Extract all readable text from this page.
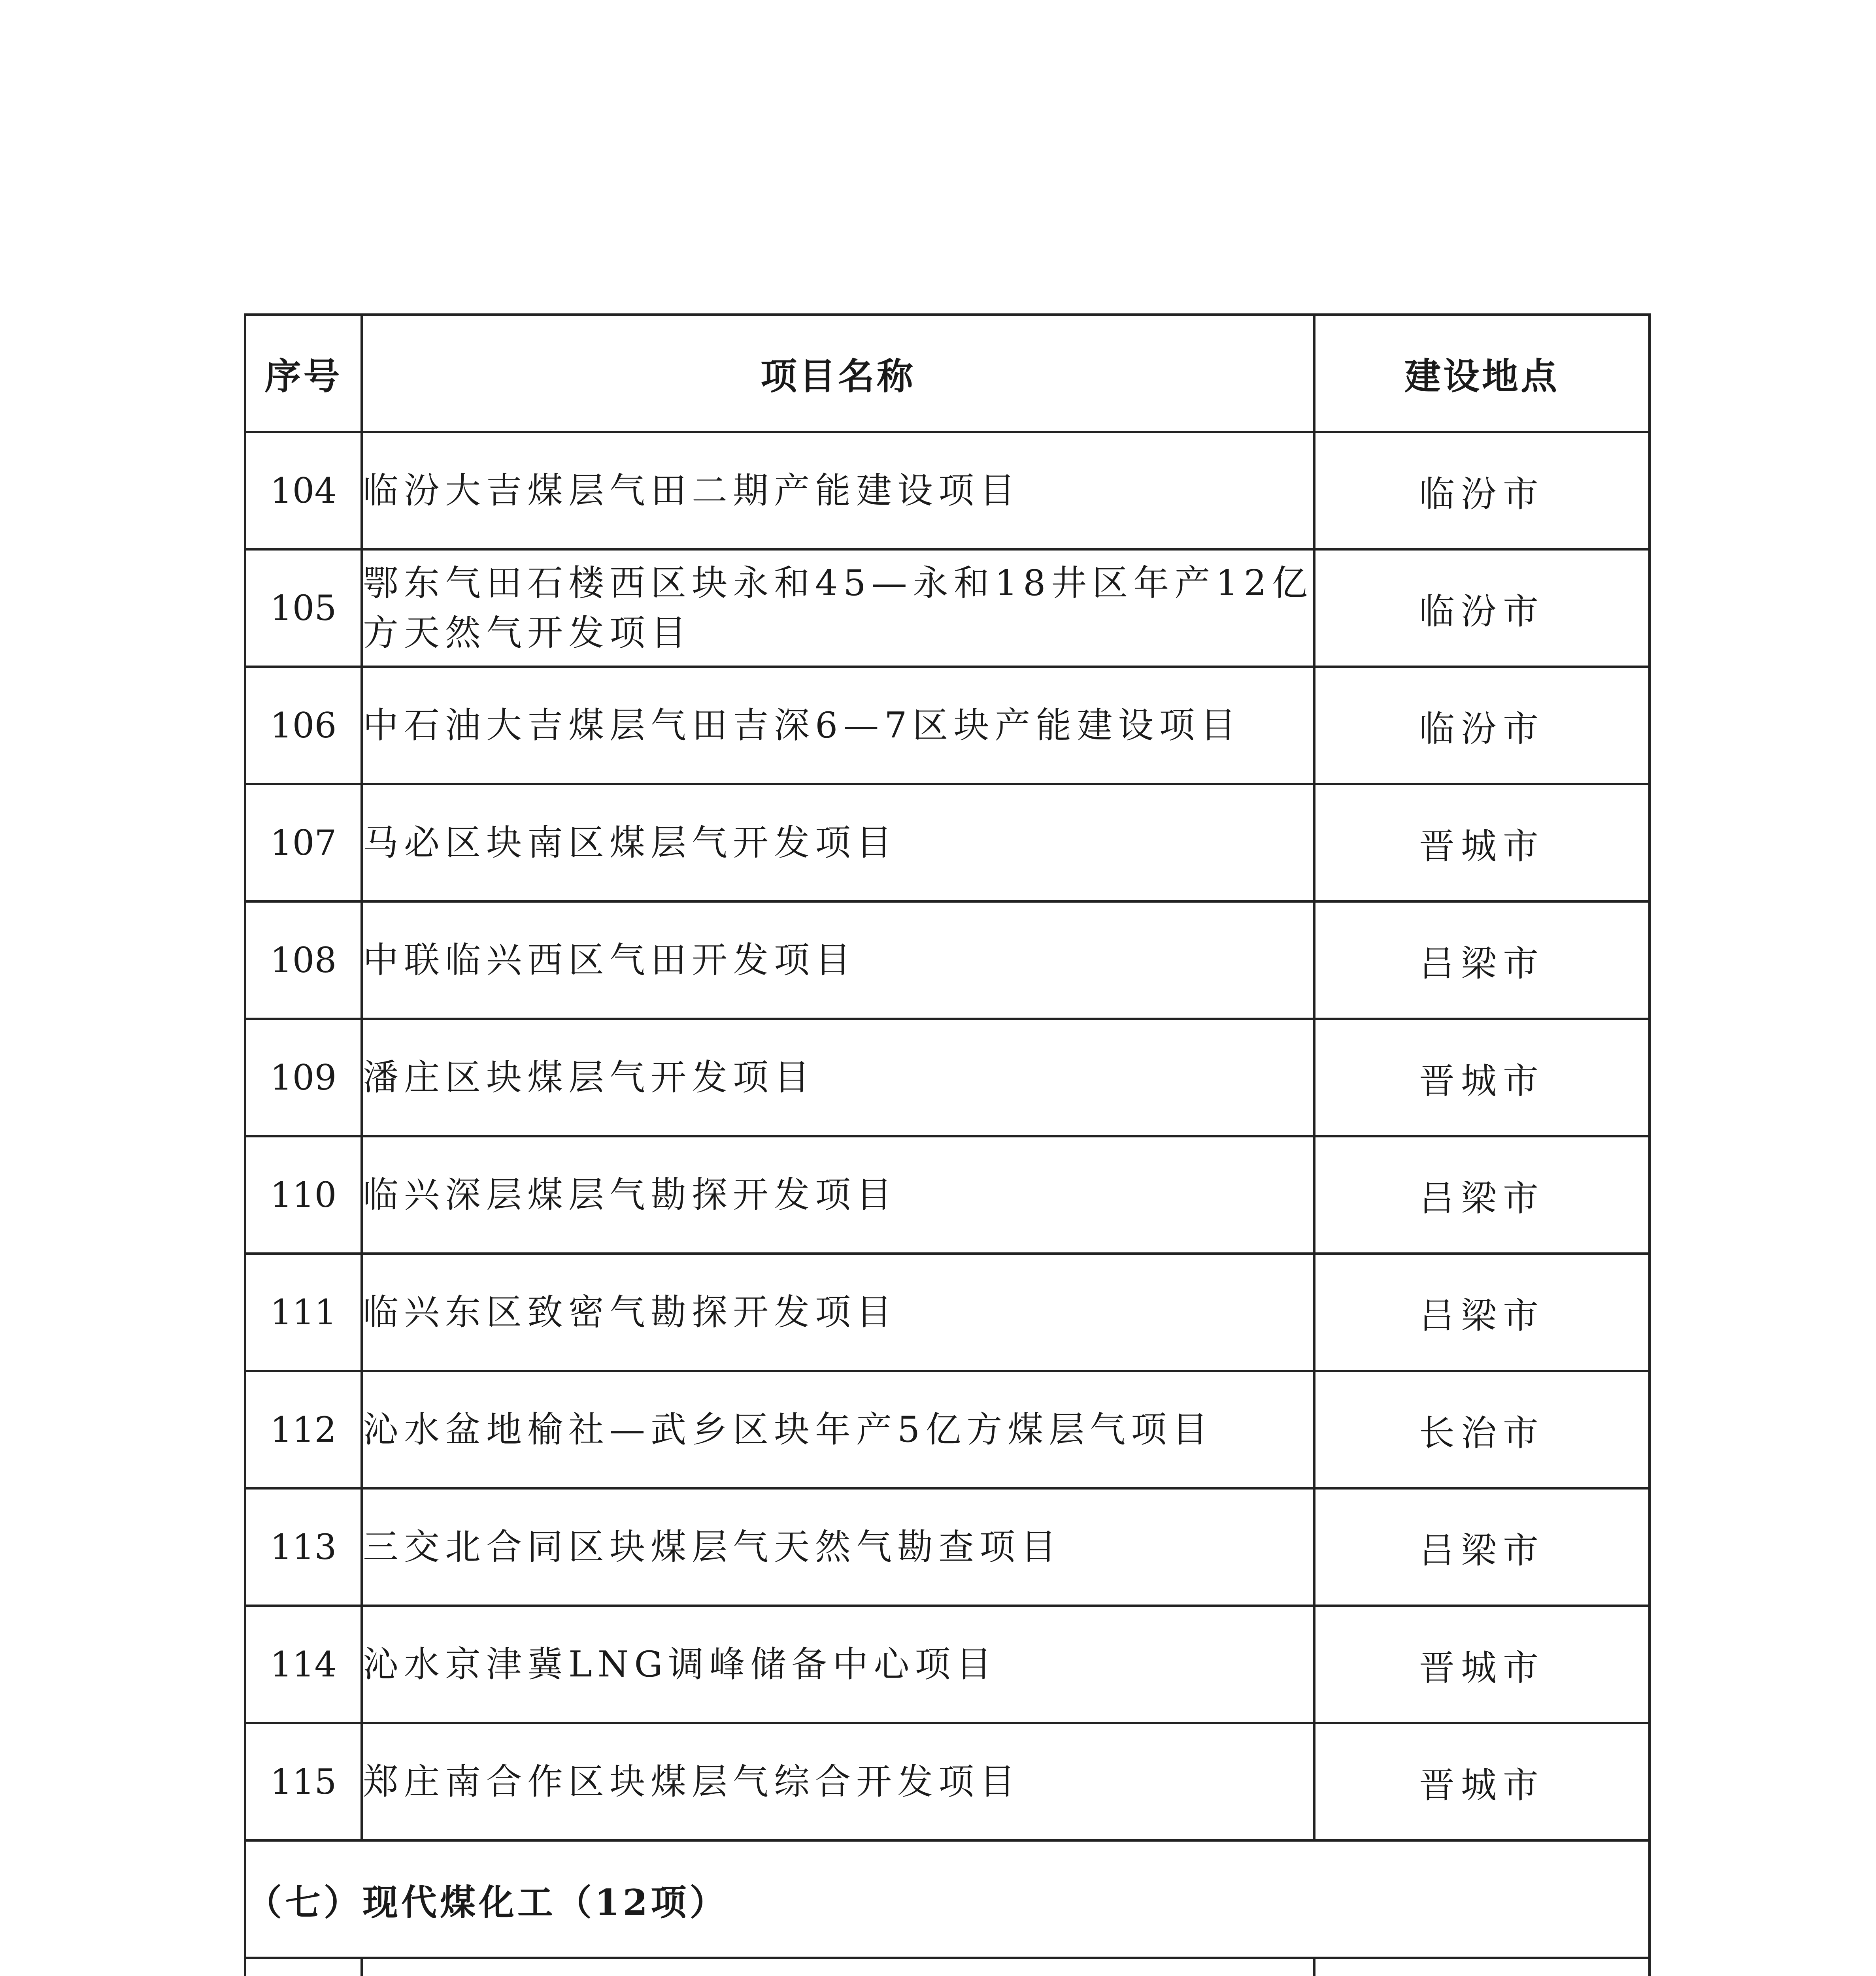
序号	项目名称	建设地点
104	临汾大吉煤层气田二期产能建设项目	临汾市
105	鄂东气田石楼西区块永和45—永和18井区年产12亿方天然气开发项目	临汾市
106	中石油大吉煤层气田吉深6—7区块产能建设项目	临汾市
107	马必区块南区煤层气开发项目	晋城市
108	中联临兴西区气田开发项目	吕梁市
109	潘庄区块煤层气开发项目	晋城市
110	临兴深层煤层气勘探开发项目	吕梁市
111	临兴东区致密气勘探开发项目	吕梁市
112	沁水盆地榆社—武乡区块年产5亿方煤层气项目	长治市
113	三交北合同区块煤层气天然气勘查项目	吕梁市
114	沁水京津冀LNG调峰储备中心项目	晋城市
115	郑庄南合作区块煤层气综合开发项目	晋城市
（七）现代煤化工（12项）		
